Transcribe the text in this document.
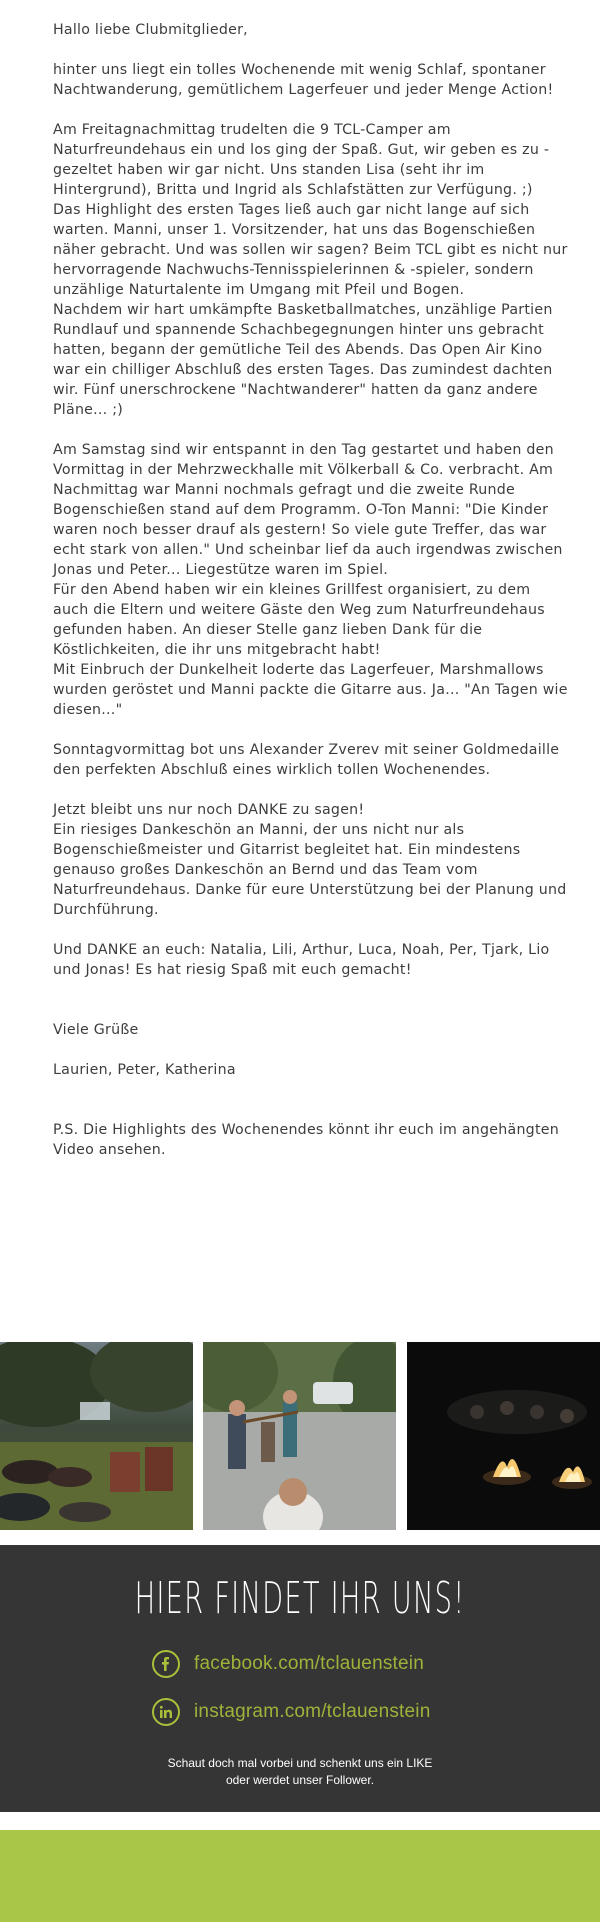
Hallo liebe Clubmitglieder,

hinter uns liegt ein tolles Wochenende mit wenig Schlaf, spontaner Nachtwanderung, gemütlichem Lagerfeuer und jeder Menge Action!

Am Freitagnachmittag trudelten die 9 TCL-Camper am Naturfreundehaus ein und los ging der Spaß. Gut, wir geben es zu - gezeltet haben wir gar nicht. Uns standen Lisa (seht ihr im Hintergrund), Britta und Ingrid als Schlafstätten zur Verfügung. ;)
Das Highlight des ersten Tages ließ auch gar nicht lange auf sich warten. Manni, unser 1. Vorsitzender, hat uns das Bogenschießen näher gebracht. Und was sollen wir sagen? Beim TCL gibt es nicht nur hervorragende Nachwuchs-Tennisspielerinnen & -spieler, sondern unzählige Naturtalente im Umgang mit Pfeil und Bogen.
Nachdem wir hart umkämpfte Basketballmatches, unzählige Partien Rundlauf und spannende Schachbegegnungen hinter uns gebracht hatten, begann der gemütliche Teil des Abends. Das Open Air Kino war ein chilliger Abschluß des ersten Tages. Das zumindest dachten wir. Fünf unerschrockene "Nachtwanderer" hatten da ganz andere Pläne... ;)
Am Samstag sind wir entspannt in den Tag gestartet und haben den Vormittag in der Mehrzweckhalle mit Völkerball & Co. verbracht. Am Nachmittag war Manni nochmals gefragt und die zweite Runde Bogenschießen stand auf dem Programm. O-Ton Manni: "Die Kinder waren noch besser drauf als gestern! So viele gute Treffer, das war echt stark von allen." Und scheinbar lief da auch irgendwas zwischen Jonas und Peter... Liegestütze waren im Spiel.
Für den Abend haben wir ein kleines Grillfest organisiert, zu dem auch die Eltern und weitere Gäste den Weg zum Naturfreundehaus gefunden haben. An dieser Stelle ganz lieben Dank für die Köstlichkeiten, die ihr uns mitgebracht habt!
Mit Einbruch der Dunkelheit loderte das Lagerfeuer, Marshmallows wurden geröstet und Manni packte die Gitarre aus. Ja... "An Tagen wie diesen..."

Sonntagvormittag bot uns Alexander Zverev mit seiner Goldmedaille den perfekten Abschluß eines wirklich tollen Wochenendes.

Jetzt bleibt uns nur noch DANKE zu sagen!
Ein riesiges Dankeschön an Manni, der uns nicht nur als Bogenschießmeister und Gitarrist begleitet hat. Ein mindestens genauso großes Dankeschön an Bernd und das Team vom Naturfreundehaus. Danke für eure Unterstützung bei der Planung und Durchführung.

Und DANKE an euch: Natalia, Lili, Arthur, Luca, Noah, Per, Tjark, Lio und Jonas! Es hat riesig Spaß mit euch gemacht!

Viele Grüße

Laurien, Peter, Katherina

P.S. Die Highlights des Wochenendes könnt ihr euch im angehängten Video ansehen.

HIER FINDET IHR UNS!
facebook.com/tclauenstein
instagram.com/tclauenstein
Schaut doch mal vorbei und schenkt uns ein LIKE
oder werdet unser Follower.
